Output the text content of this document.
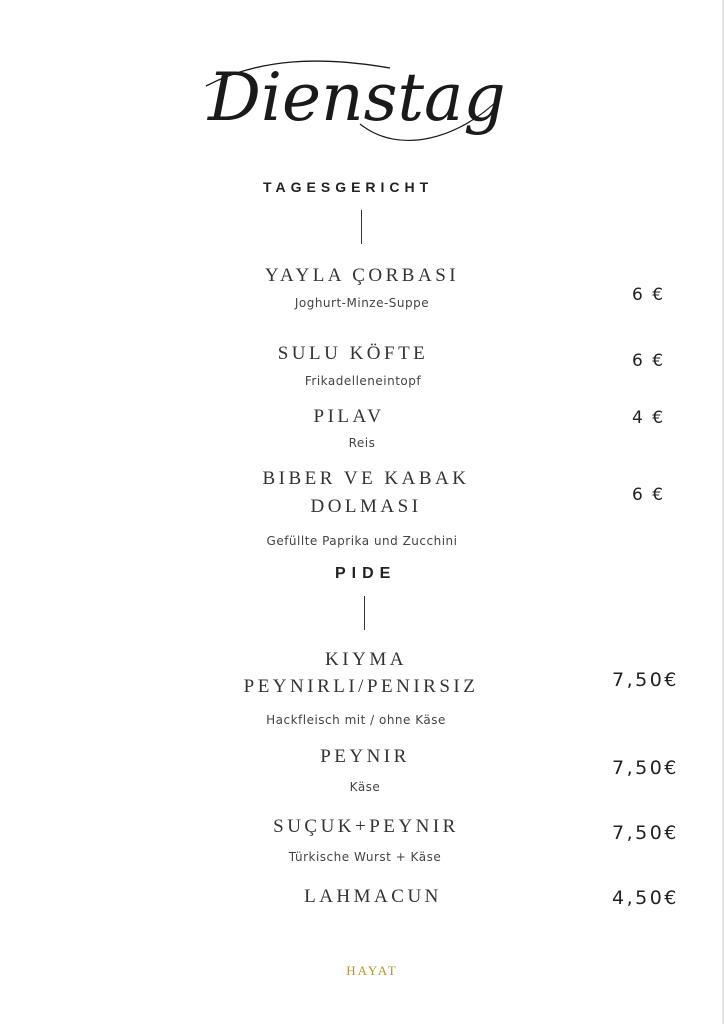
Dienstag
TAGESGERICHT
YAYLA ÇORBASI
Joghurt-Minze-Suppe	6 €
SULU KÖFTE
Frikadelleneintopf
6 €
PILAV
Reis
4 €
BIBER VE KABAK
DOLMASI
Gefüllte Paprika und Zucchini
6 €
PIDE
KIYMA
PEYNIRLI/PENIRSIZ
Hackfleisch mit / ohne Käse
7,50€
PEYNIR
Käse
7,50€
SUÇUK+PEYNIR
Türkische Wurst + Käse
7,50€
LAHMACUN	4,50€
HAYAT
